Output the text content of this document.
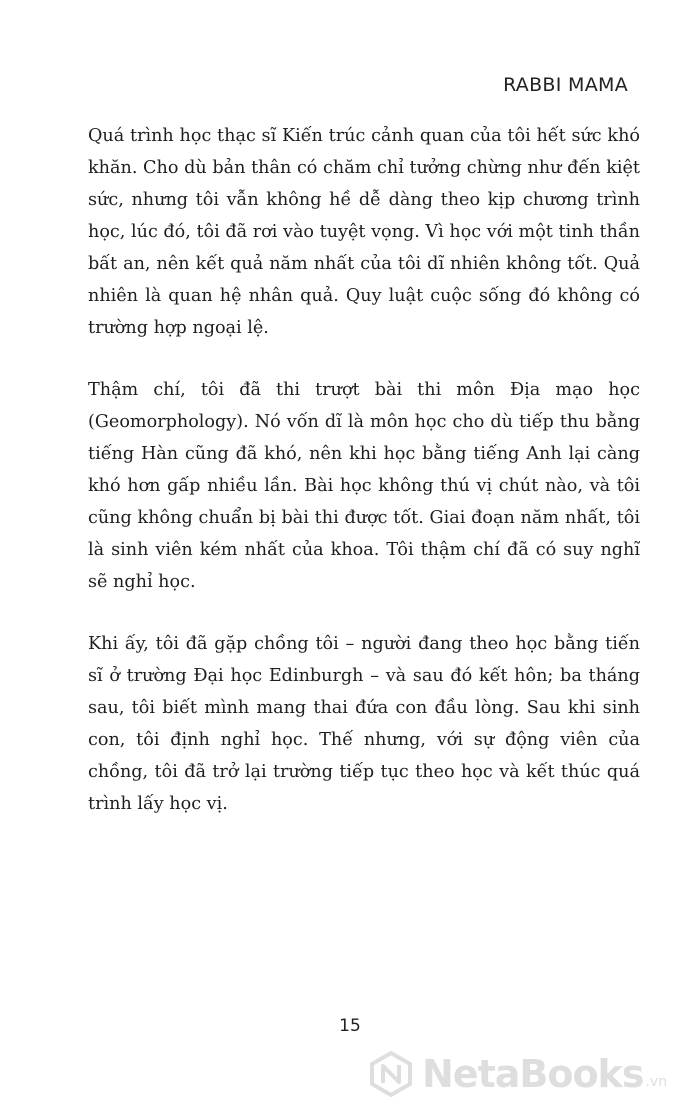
RABBI MAMA

Quá trình học thạc sĩ Kiến trúc cảnh quan của tôi hết sức khó khăn. Cho dù bản thân có chăm chỉ tưởng chừng như đến kiệt sức, nhưng tôi vẫn không hề dễ dàng theo kịp chương trình học, lúc đó, tôi đã rơi vào tuyệt vọng. Vì học với một tinh thần bất an, nên kết quả năm nhất của tôi dĩ nhiên không tốt. Quả nhiên là quan hệ nhân quả. Quy luật cuộc sống đó không có trường hợp ngoại lệ.

Thậm chí, tôi đã thi trượt bài thi môn Địa mạo học (Geomorphology). Nó vốn dĩ là môn học cho dù tiếp thu bằng tiếng Hàn cũng đã khó, nên khi học bằng tiếng Anh lại càng khó hơn gấp nhiều lần. Bài học không thú vị chút nào, và tôi cũng không chuẩn bị bài thi được tốt. Giai đoạn năm nhất, tôi là sinh viên kém nhất của khoa. Tôi thậm chí đã có suy nghĩ sẽ nghỉ học.

Khi ấy, tôi đã gặp chồng tôi – người đang theo học bằng tiến sĩ ở trường Đại học Edinburgh – và sau đó kết hôn; ba tháng sau, tôi biết mình mang thai đứa con đầu lòng. Sau khi sinh con, tôi định nghỉ học. Thế nhưng, với sự động viên của chồng, tôi đã trở lại trường tiếp tục theo học và kết thúc quá trình lấy học vị.

15
NetaBooks .vn
